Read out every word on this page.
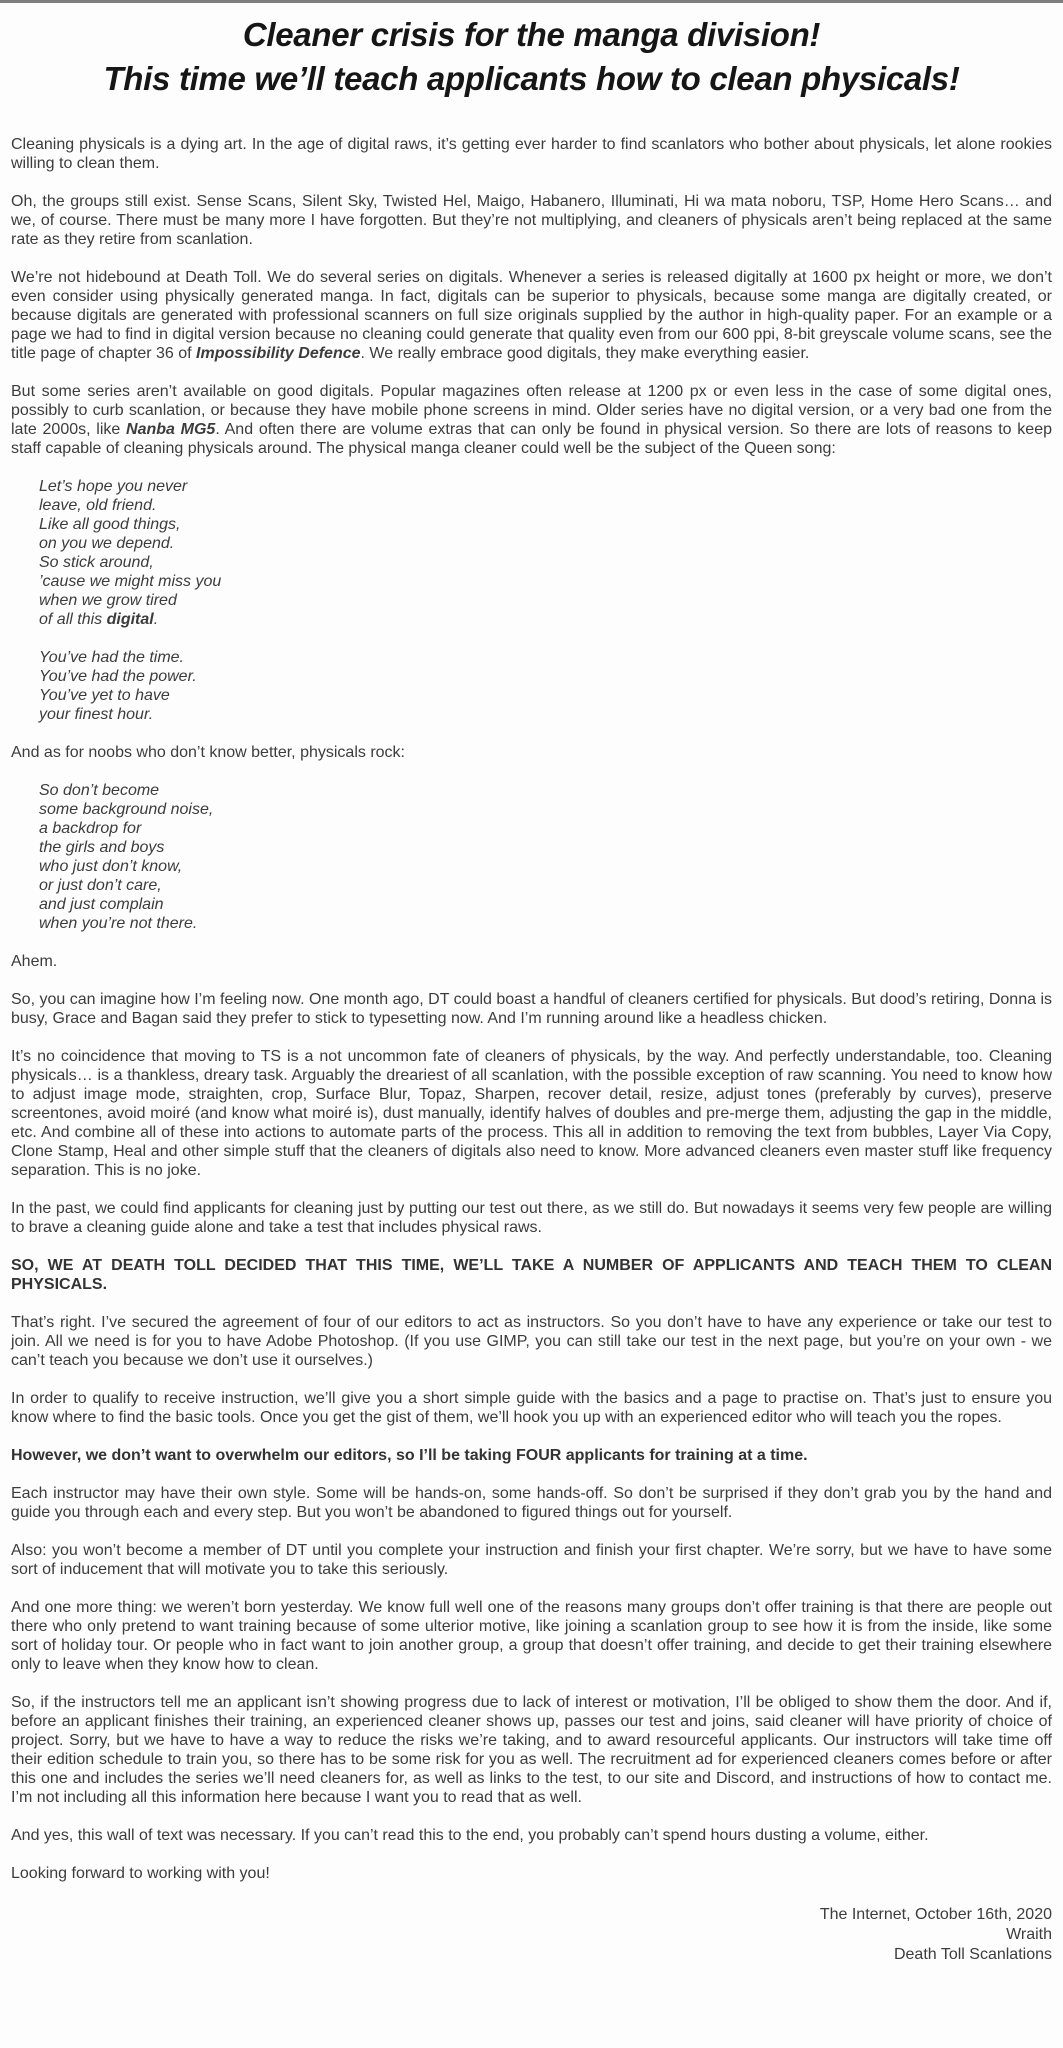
Cleaner crisis for the manga division!
This time we’ll teach applicants how to clean physicals!

Cleaning physicals is a dying art. In the age of digital raws, it’s getting ever harder to find scanlators who bother about physicals, let alone rookies willing to clean them.

Oh, the groups still exist. Sense Scans, Silent Sky, Twisted Hel, Maigo, Habanero, Illuminati, Hi wa mata noboru, TSP, Home Hero Scans… and we, of course. There must be many more I have forgotten. But they’re not multiplying, and cleaners of physicals aren’t being replaced at the same rate as they retire from scanlation.

We’re not hidebound at Death Toll. We do several series on digitals. Whenever a series is released digitally at 1600 px height or more, we don’t even consider using physically generated manga. In fact, digitals can be superior to physicals, because some manga are digitally created, or because digitals are generated with professional scanners on full size originals supplied by the author in high-quality paper. For an example or a page we had to find in digital version because no cleaning could generate that quality even from our 600 ppi, 8-bit greyscale volume scans, see the title page of chapter 36 of Impossibility Defence. We really embrace good digitals, they make everything easier.

But some series aren’t available on good digitals. Popular magazines often release at 1200 px or even less in the case of some digital ones, possibly to curb scanlation, or because they have mobile phone screens in mind. Older series have no digital version, or a very bad one from the late 2000s, like Nanba MG5. And often there are volume extras that can only be found in physical version. So there are lots of reasons to keep staff capable of cleaning physicals around. The physical manga cleaner could well be the subject of the Queen song:

Let’s hope you never
leave, old friend.
Like all good things,
on you we depend.
So stick around,
’cause we might miss you
when we grow tired
of all this digital.
You’ve had the time.
You’ve had the power.
You’ve yet to have
your finest hour.

And as for noobs who don’t know better, physicals rock:

So don’t become
some background noise,
a backdrop for
the girls and boys
who just don’t know,
or just don’t care,
and just complain
when you’re not there.

Ahem.

So, you can imagine how I’m feeling now. One month ago, DT could boast a handful of cleaners certified for physicals. But dood’s retiring, Donna is busy, Grace and Bagan said they prefer to stick to typesetting now. And I’m running around like a headless chicken.

It’s no coincidence that moving to TS is a not uncommon fate of cleaners of physicals, by the way. And perfectly understandable, too. Cleaning physicals… is a thankless, dreary task. Arguably the dreariest of all scanlation, with the possible exception of raw scanning. You need to know how to adjust image mode, straighten, crop, Surface Blur, Topaz, Sharpen, recover detail, resize, adjust tones (preferably by curves), preserve screentones, avoid moiré (and know what moiré is), dust manually, identify halves of doubles and pre-merge them, adjusting the gap in the middle, etc. And combine all of these into actions to automate parts of the process. This all in addition to removing the text from bubbles, Layer Via Copy, Clone Stamp, Heal and other simple stuff that the cleaners of digitals also need to know. More advanced cleaners even master stuff like frequency separation. This is no joke.

In the past, we could find applicants for cleaning just by putting our test out there, as we still do. But nowadays it seems very few people are willing to brave a cleaning guide alone and take a test that includes physical raws.

SO, WE AT DEATH TOLL DECIDED THAT THIS TIME, WE’LL TAKE A NUMBER OF APPLICANTS AND TEACH THEM TO CLEAN PHYSICALS.

That’s right. I’ve secured the agreement of four of our editors to act as instructors. So you don’t have to have any experience or take our test to join. All we need is for you to have Adobe Photoshop. (If you use GIMP, you can still take our test in the next page, but you’re on your own - we can’t teach you because we don’t use it ourselves.)

In order to qualify to receive instruction, we’ll give you a short simple guide with the basics and a page to practise on. That’s just to ensure you know where to find the basic tools. Once you get the gist of them, we’ll hook you up with an experienced editor who will teach you the ropes.

However, we don’t want to overwhelm our editors, so I’ll be taking FOUR applicants for training at a time.

Each instructor may have their own style. Some will be hands-on, some hands-off. So don’t be surprised if they don’t grab you by the hand and guide you through each and every step. But you won’t be abandoned to figured things out for yourself.

Also: you won’t become a member of DT until you complete your instruction and finish your first chapter. We’re sorry, but we have to have some sort of inducement that will motivate you to take this seriously.

And one more thing: we weren’t born yesterday. We know full well one of the reasons many groups don’t offer training is that there are people out there who only pretend to want training because of some ulterior motive, like joining a scanlation group to see how it is from the inside, like some sort of holiday tour. Or people who in fact want to join another group, a group that doesn’t offer training, and decide to get their training elsewhere only to leave when they know how to clean.

So, if the instructors tell me an applicant isn’t showing progress due to lack of interest or motivation, I’ll be obliged to show them the door. And if, before an applicant finishes their training, an experienced cleaner shows up, passes our test and joins, said cleaner will have priority of choice of project. Sorry, but we have to have a way to reduce the risks we’re taking, and to award resourceful applicants. Our instructors will take time off their edition schedule to train you, so there has to be some risk for you as well. The recruitment ad for experienced cleaners comes before or after this one and includes the series we’ll need cleaners for, as well as links to the test, to our site and Discord, and instructions of how to contact me. I’m not including all this information here because I want you to read that as well.

And yes, this wall of text was necessary. If you can’t read this to the end, you probably can’t spend hours dusting a volume, either.

Looking forward to working with you!

The Internet, October 16th, 2020
Wraith
Death Toll Scanlations
